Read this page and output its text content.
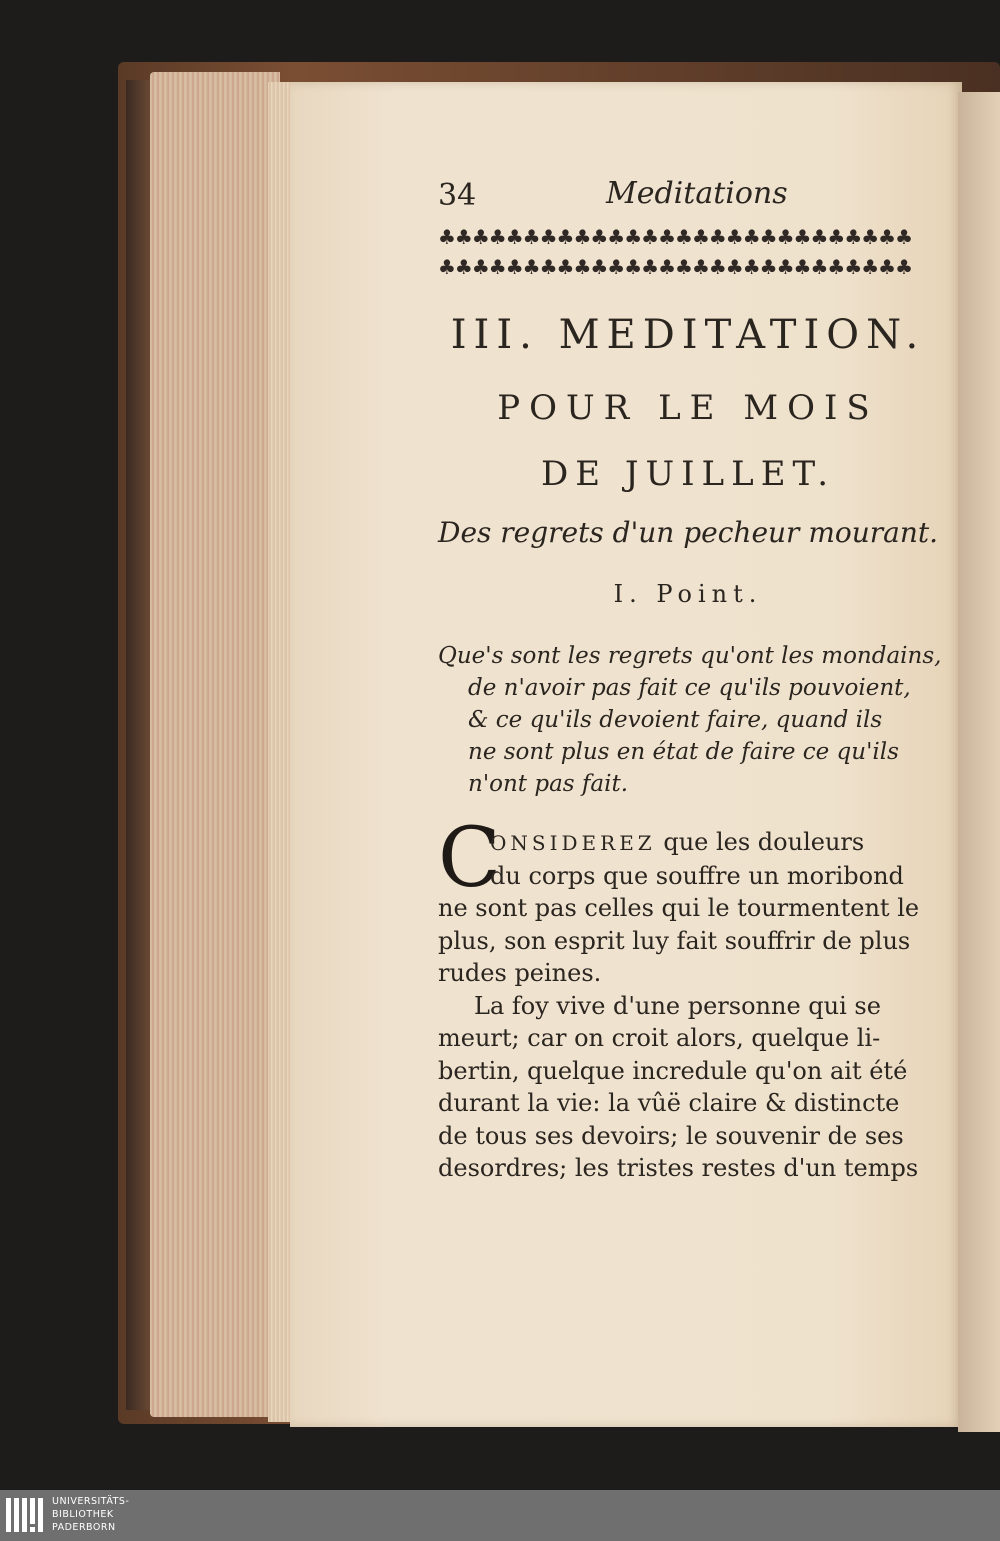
34	Meditations
♣♣♣♣♣♣♣♣♣♣♣♣♣♣♣♣♣♣♣♣♣♣♣♣♣♣♣♣
♣♣♣♣♣♣♣♣♣♣♣♣♣♣♣♣♣♣♣♣♣♣♣♣♣♣♣♣
III. MEDITATION.
POUR LE MOIS
DE JUILLET.
Des regrets d'un pecheur mourant.
I. Point.
Que's sont les regrets qu'ont les mondains,
de n'avoir pas fait ce qu'ils pouvoient,
& ce qu'ils devoient faire, quand ils
ne sont plus en état de faire ce qu'ils
n'ont pas fait.
C
ONSIDEREZ que les douleurs
du corps que souffre un moribond
ne sont pas celles qui le tourmentent le
plus, son esprit luy fait souffrir de plus
rudes peines.
La foy vive d'une personne qui se
meurt; car on croit alors, quelque li-
bertin, quelque incredule qu'on ait été
durant la vie: la vûë claire & distincte
de tous ses devoirs; le souvenir de ses
desordres; les tristes restes d'un temps
UNIVERSITÄTS-
BIBLIOTHEK
PADERBORN
